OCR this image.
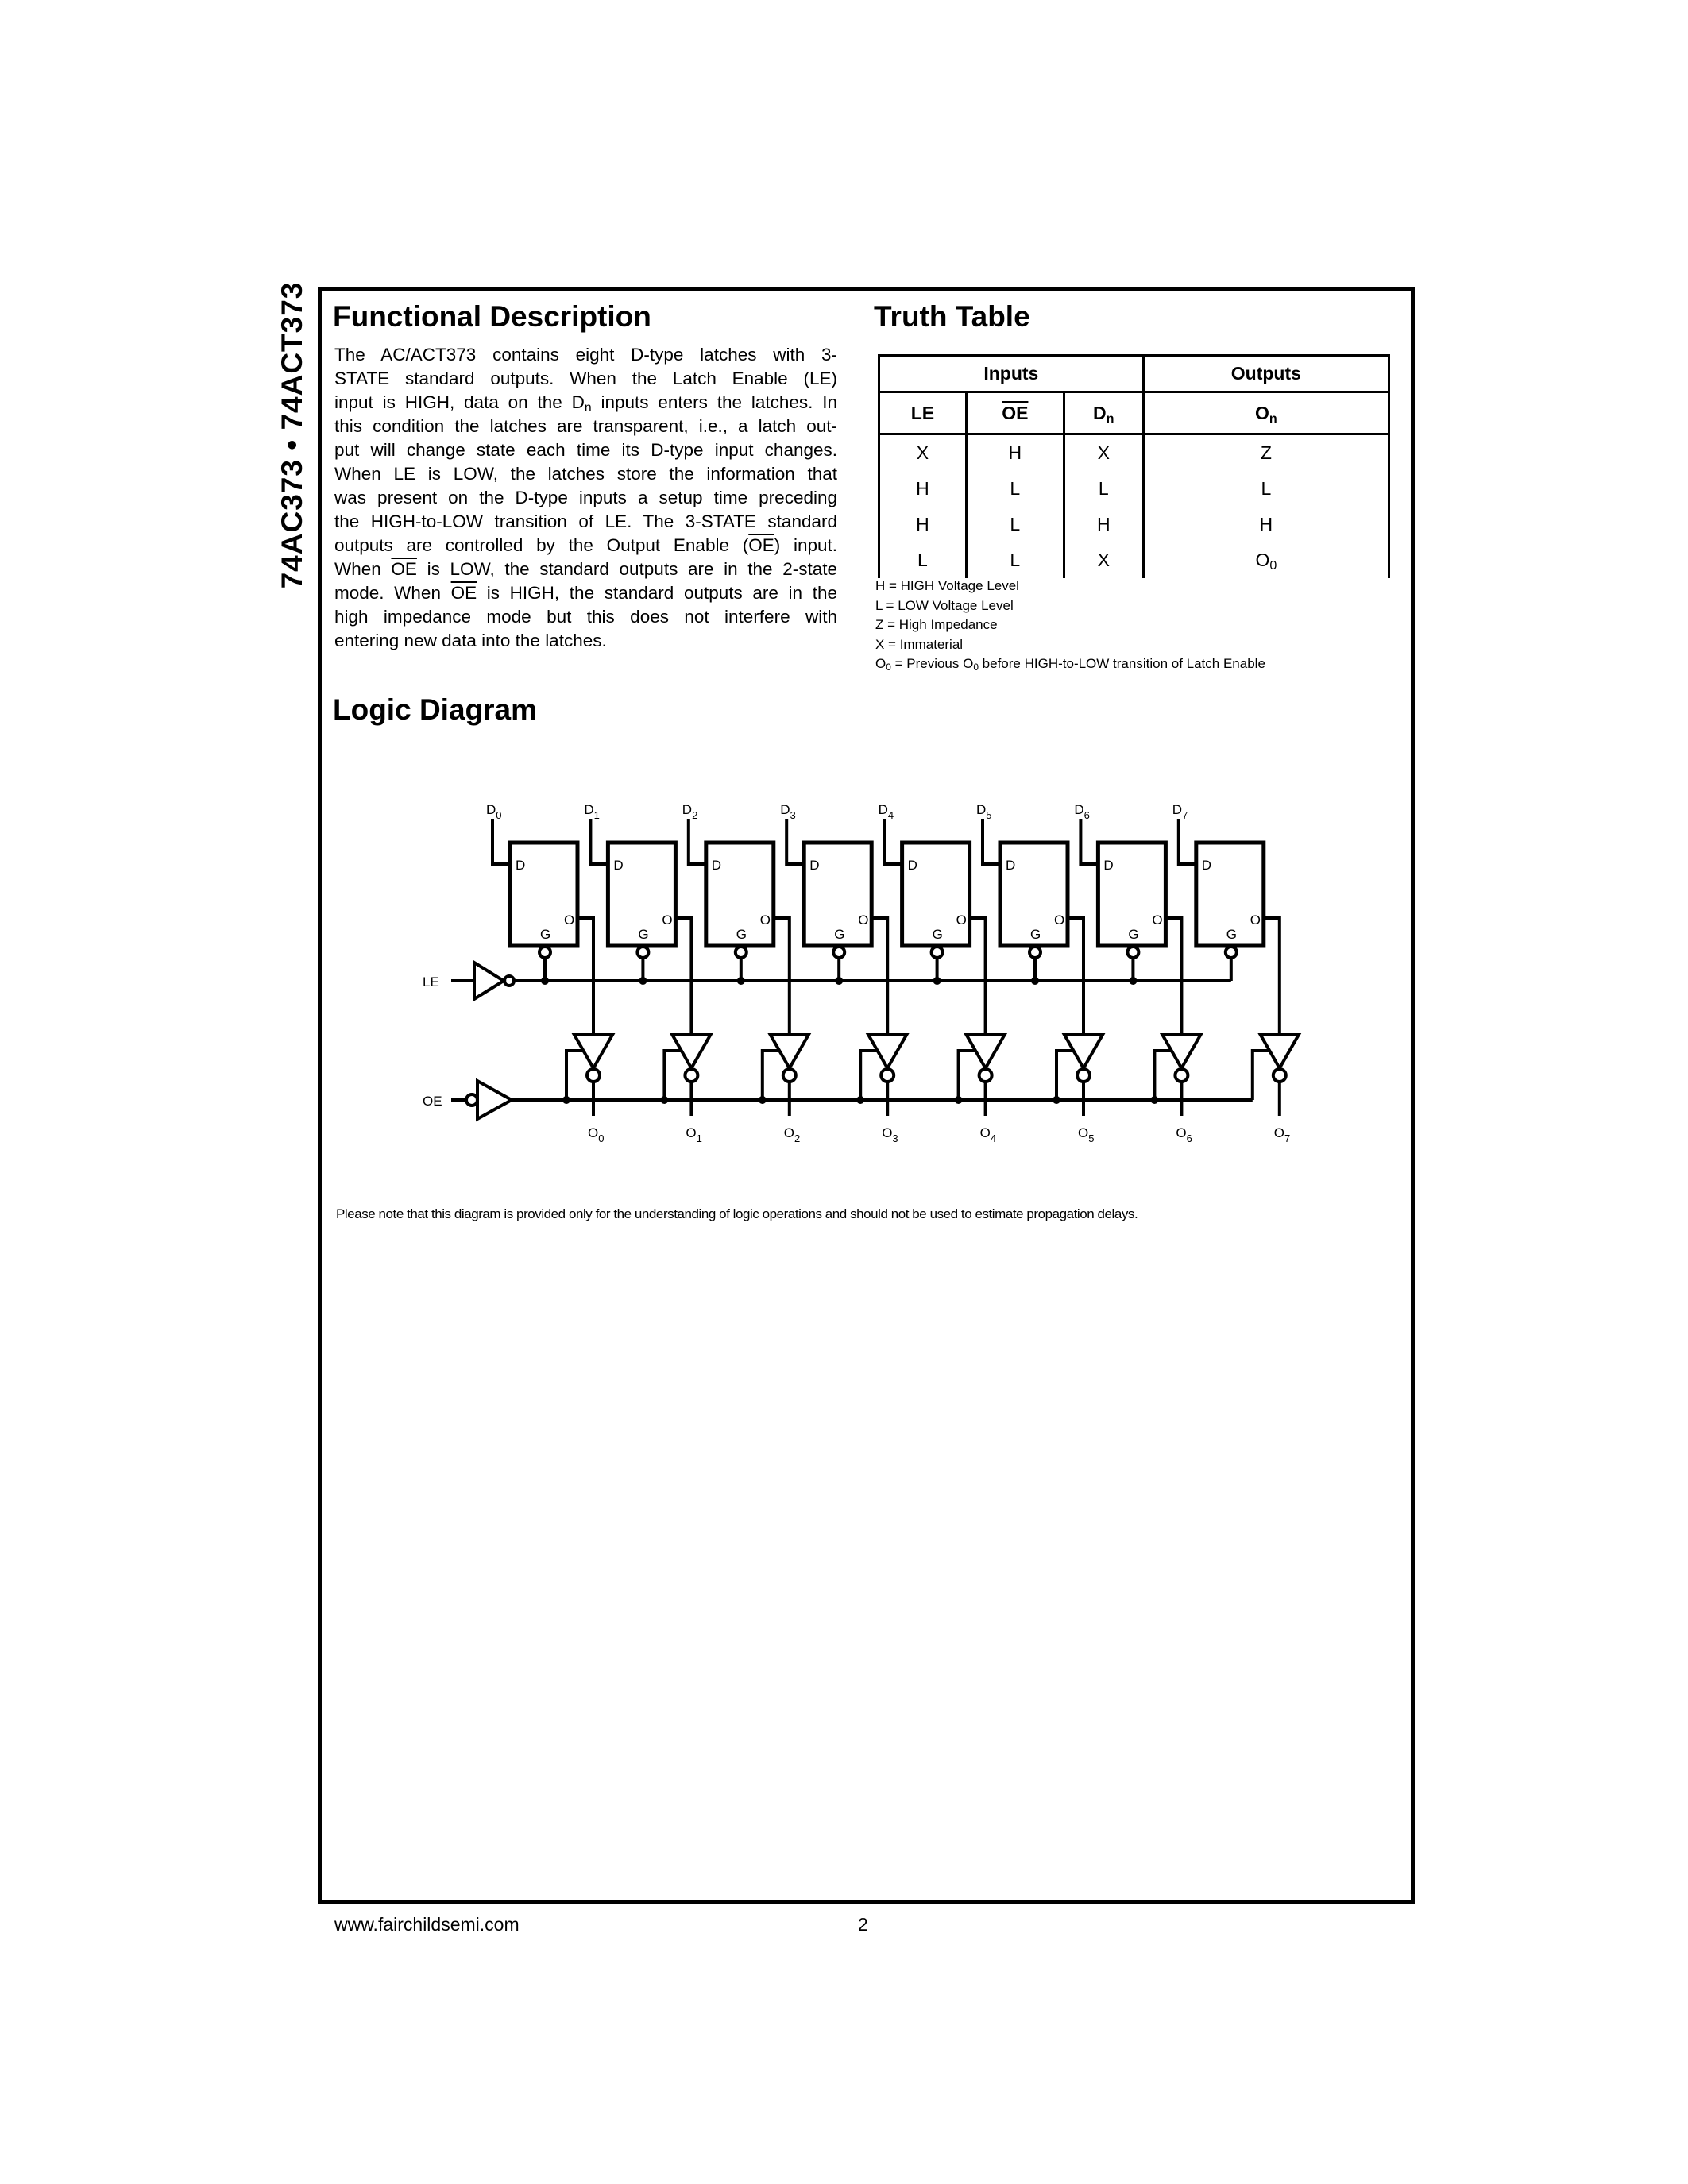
74AC373 • 74ACT373 Functional Description
The AC/ACT373 contains eight D-type latches with 3-
STATE standard outputs. When the Latch Enable (LE)
input is HIGH, data on the $D_n$ inputs enters the latches. In
this condition the latches are transparent, i.e., a latch out-
put will change state each time its D-type input changes.
When LE is LOW, the latches store the information that
was present on the D-type inputs a setup time preceding
the HIGH-to-LOW transition of LE. The 3-STATE standard
outputs are controlled by the Output Enable $(\overline{OE})$ input.
When $\overline{OE}$ is LOW, the standard outputs are in the 2-state
mode. When $\overline{OE}$ is HIGH, the standard outputs are in the
high impedance mode but this does not interfere with
entering new data into the latches.
Truth Table
Inputs			Outputs
LE	$\overline{OE}$	$D_n$	$O_n$
X	H	X	Z
H	L	L	L
H	L	H	H
L	L	X	$O_0$
H = HIGH Voltage Level
L = LOW Voltage Level
Z = High Impedance
X = Immaterial
$O_0$ = Previous $O_0$ before HIGH-to-LOW transition of Latch Enable
Logic Diagram
$D_0$
D
G
O
$O_0$
$D_1$
D
G
O
$O_1$
$D_2$
D
G
O
$O_2$
$D_3$
D
G
O
$O_3$
$D_4$
D
G
O
$O_4$
$D_5$
D
G
O
$O_5$
$D_6$
D
G
O
$O_6$
$D_7$
D
G
O
$O_7$
LE
OE
Please note that this diagram is provided only for the understanding of logic operations and should not be used to estimate propagation delays.
www.fairchildsemi.com	2
